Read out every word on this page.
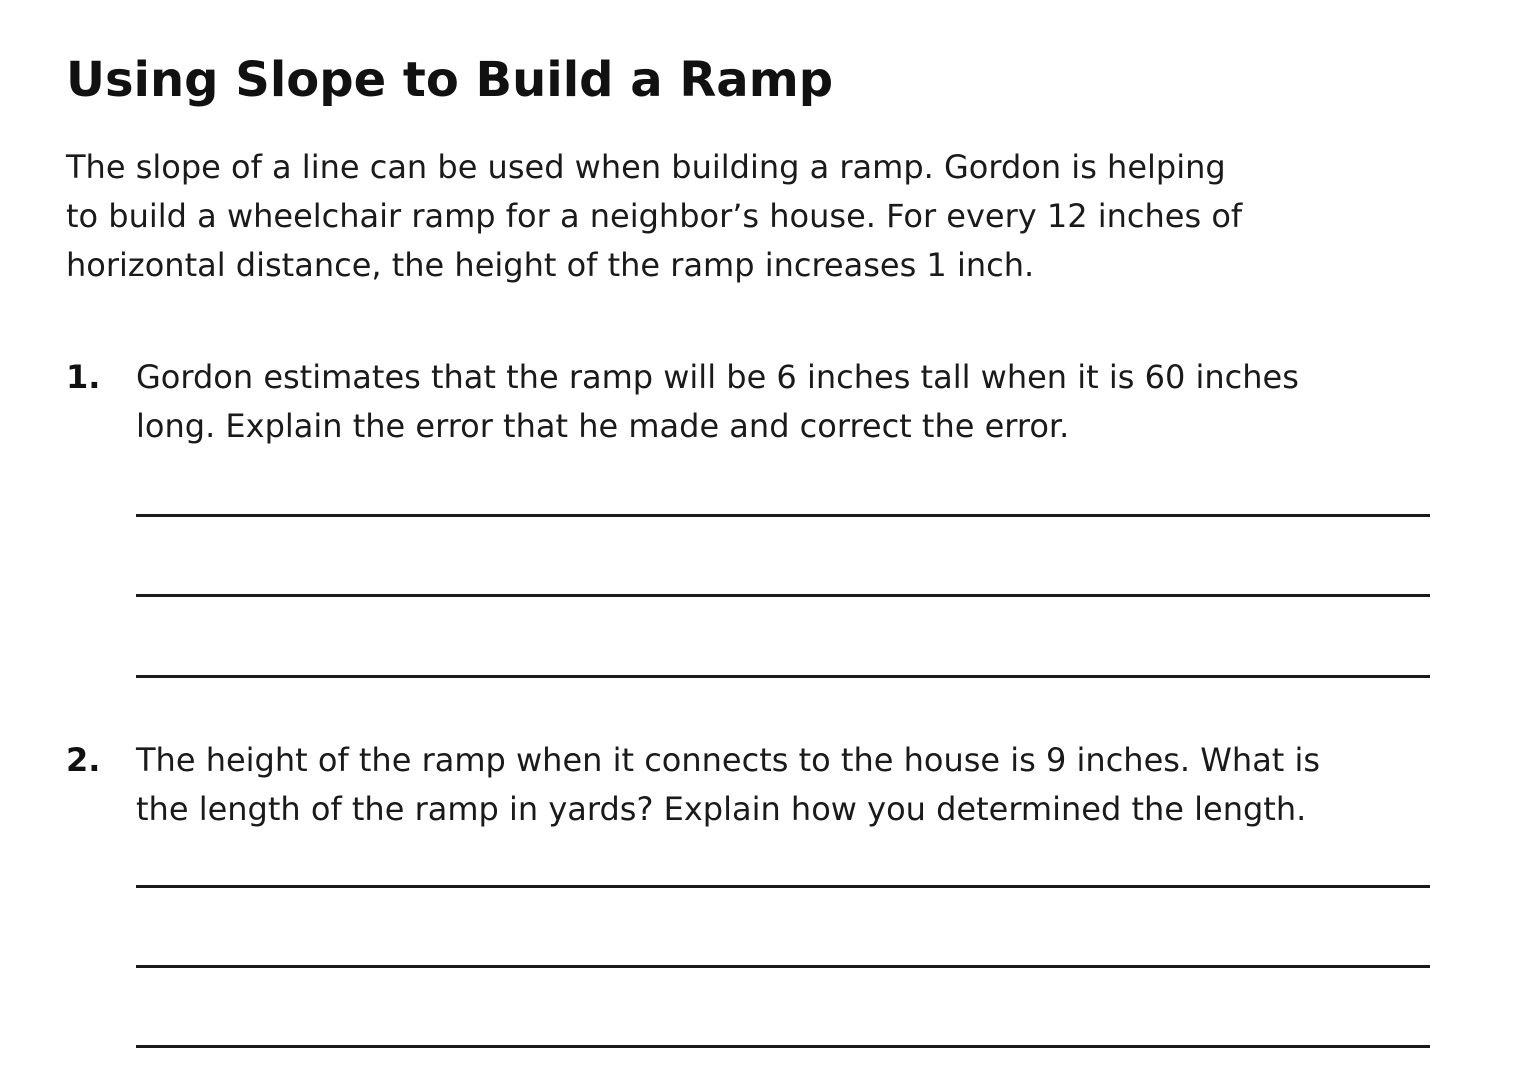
Using Slope to Build a Ramp
The slope of a line can be used when building a ramp. Gordon is helping
to build a wheelchair ramp for a neighbor’s house. For every 12 inches of
horizontal distance, the height of the ramp increases 1 inch.
1. Gordon estimates that the ramp will be 6 inches tall when it is 60 inches
long. Explain the error that he made and correct the error.
2. The height of the ramp when it connects to the house is 9 inches. What is
the length of the ramp in yards? Explain how you determined the length.
